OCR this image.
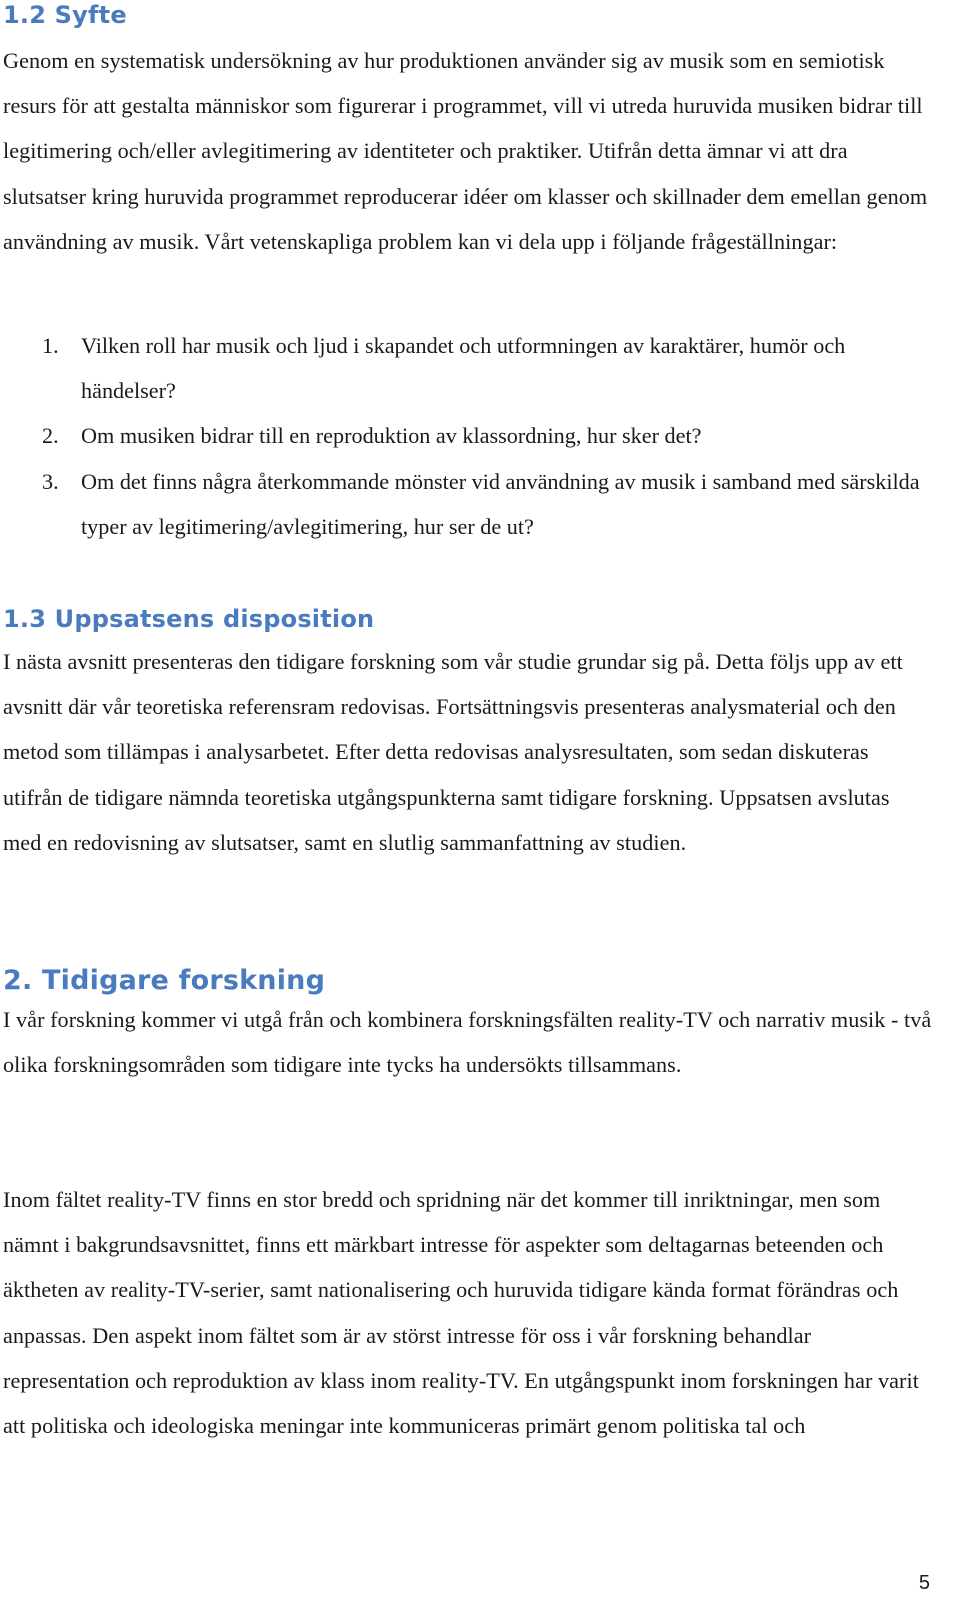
1.2 Syfte

Genom en systematisk undersökning av hur produktionen använder sig av musik som en semiotisk resurs för att gestalta människor som figurerar i programmet, vill vi utreda huruvida musiken bidrar till legitimering och/eller avlegitimering av identiteter och praktiker. Utifrån detta ämnar vi att dra slutsatser kring huruvida programmet reproducerar idéer om klasser och skillnader dem emellan genom användning av musik. Vårt vetenskapliga problem kan vi dela upp i följande frågeställningar:

1. Vilken roll har musik och ljud i skapandet och utformningen av karaktärer, humör och händelser?
2. Om musiken bidrar till en reproduktion av klassordning, hur sker det?
3. Om det finns några återkommande mönster vid användning av musik i samband med särskilda typer av legitimering/avlegitimering, hur ser de ut?
1.3 Uppsatsens disposition

I nästa avsnitt presenteras den tidigare forskning som vår studie grundar sig på. Detta följs upp av ett avsnitt där vår teoretiska referensram redovisas. Fortsättningsvis presenteras analysmaterial och den metod som tillämpas i analysarbetet. Efter detta redovisas analysresultaten, som sedan diskuteras utifrån de tidigare nämnda teoretiska utgångspunkterna samt tidigare forskning. Uppsatsen avslutas med en redovisning av slutsatser, samt en slutlig sammanfattning av studien.

2. Tidigare forskning

I vår forskning kommer vi utgå från och kombinera forskningsfälten reality-TV och narrativ musik - två olika forskningsområden som tidigare inte tycks ha undersökts tillsammans.

Inom fältet reality-TV finns en stor bredd och spridning när det kommer till inriktningar, men som nämnt i bakgrundsavsnittet, finns ett märkbart intresse för aspekter som deltagarnas beteenden och äktheten av reality-TV-serier, samt nationalisering och huruvida tidigare kända format förändras och anpassas. Den aspekt inom fältet som är av störst intresse för oss i vår forskning behandlar representation och reproduktion av klass inom reality-TV. En utgångspunkt inom forskningen har varit att politiska och ideologiska meningar inte kommuniceras primärt genom politiska tal och

5
